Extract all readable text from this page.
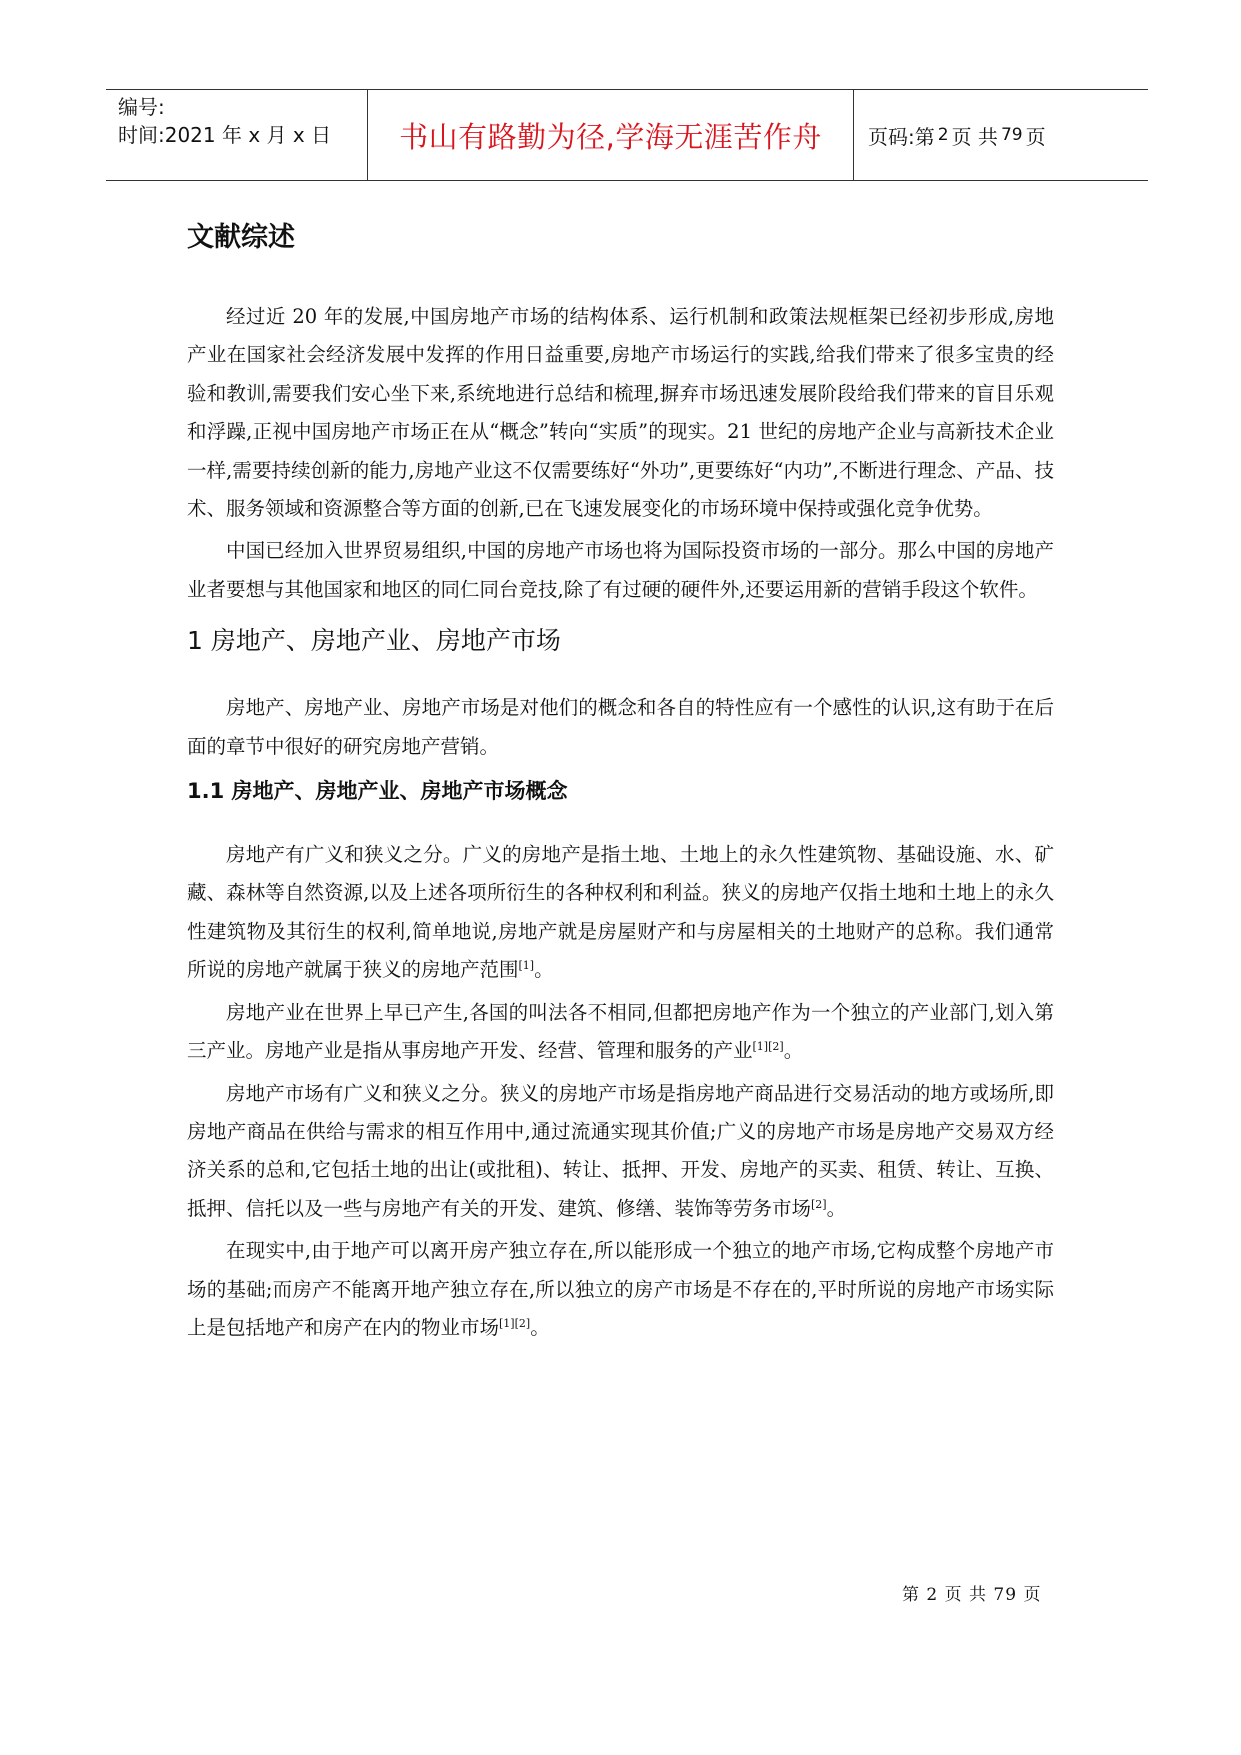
编号:
时间:2021 年 x 月 x 日	书山有路勤为径,学海无涯苦作舟	页码:第 2 页 共 79 页
文献综述

经过近 20 年的发展,中国房地产市场的结构体系、运行机制和政策法规框架已经初步形成,房地产业在国家社会经济发展中发挥的作用日益重要,房地产市场运行的实践,给我们带来了很多宝贵的经验和教训,需要我们安心坐下来,系统地进行总结和梳理,摒弃市场迅速发展阶段给我们带来的盲目乐观和浮躁,正视中国房地产市场正在从“概念”转向“实质”的现实。21 世纪的房地产企业与高新技术企业一样,需要持续创新的能力,房地产业这不仅需要练好“外功”,更要练好“内功”,不断进行理念、产品、技术、服务领域和资源整合等方面的创新,已在飞速发展变化的市场环境中保持或强化竞争优势。

中国已经加入世界贸易组织,中国的房地产市场也将为国际投资市场的一部分。那么中国的房地产业者要想与其他国家和地区的同仁同台竞技,除了有过硬的硬件外,还要运用新的营销手段这个软件。

1 房地产、房地产业、房地产市场

房地产、房地产业、房地产市场是对他们的概念和各自的特性应有一个感性的认识,这有助于在后面的章节中很好的研究房地产营销。

1.1 房地产、房地产业、房地产市场概念

房地产有广义和狭义之分。广义的房地产是指土地、土地上的永久性建筑物、基础设施、水、矿藏、森林等自然资源,以及上述各项所衍生的各种权利和利益。狭义的房地产仅指土地和土地上的永久性建筑物及其衍生的权利,简单地说,房地产就是房屋财产和与房屋相关的土地财产的总称。我们通常所说的房地产就属于狭义的房地产范围[1]。

房地产业在世界上早已产生,各国的叫法各不相同,但都把房地产作为一个独立的产业部门,划入第三产业。房地产业是指从事房地产开发、经营、管理和服务的产业[1][2]。

房地产市场有广义和狭义之分。狭义的房地产市场是指房地产商品进行交易活动的地方或场所,即房地产商品在供给与需求的相互作用中,通过流通实现其价值;广义的房地产市场是房地产交易双方经济关系的总和,它包括土地的出让(或批租)、转让、抵押、开发、房地产的买卖、租赁、转让、互换、抵押、信托以及一些与房地产有关的开发、建筑、修缮、装饰等劳务市场[2]。

在现实中,由于地产可以离开房产独立存在,所以能形成一个独立的地产市场,它构成整个房地产市场的基础;而房产不能离开地产独立存在,所以独立的房产市场是不存在的,平时所说的房地产市场实际上是包括地产和房产在内的物业市场[1][2]。

第 2 页 共 79 页
